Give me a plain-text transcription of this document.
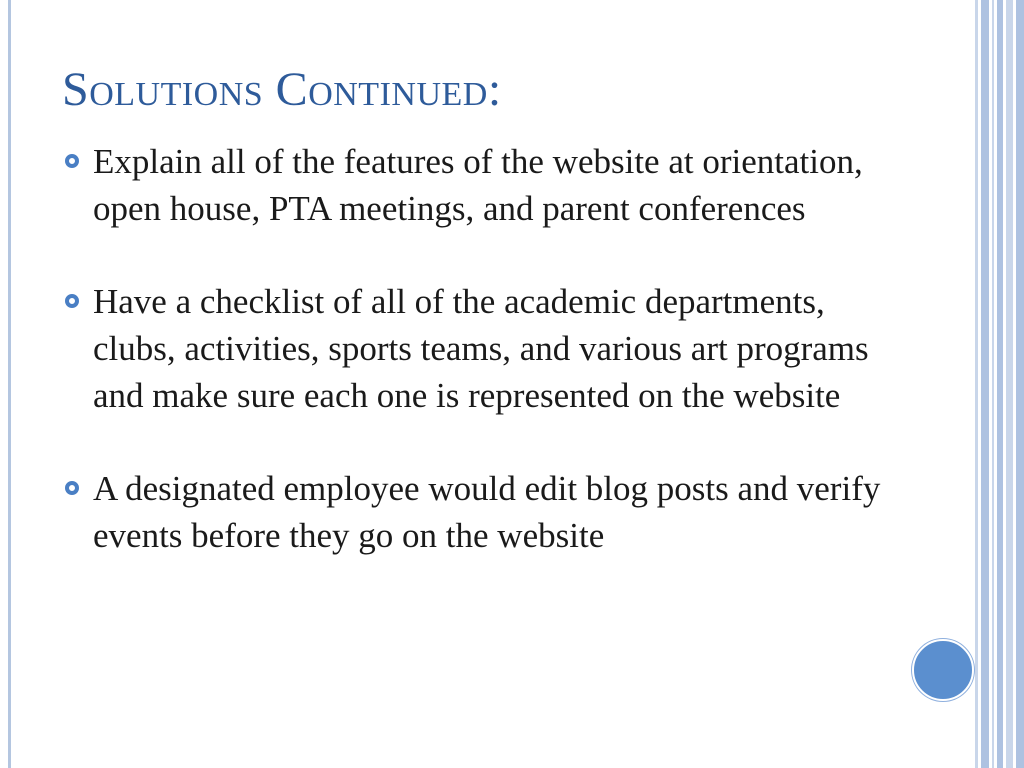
Solutions Continued:
Explain all of the features of the website at orientation, open house, PTA meetings, and parent conferences
Have a checklist of all of the academic departments, clubs, activities, sports teams, and various art programs and make sure each one is represented on the website
A designated employee would edit blog posts and verify events before they go on the website
